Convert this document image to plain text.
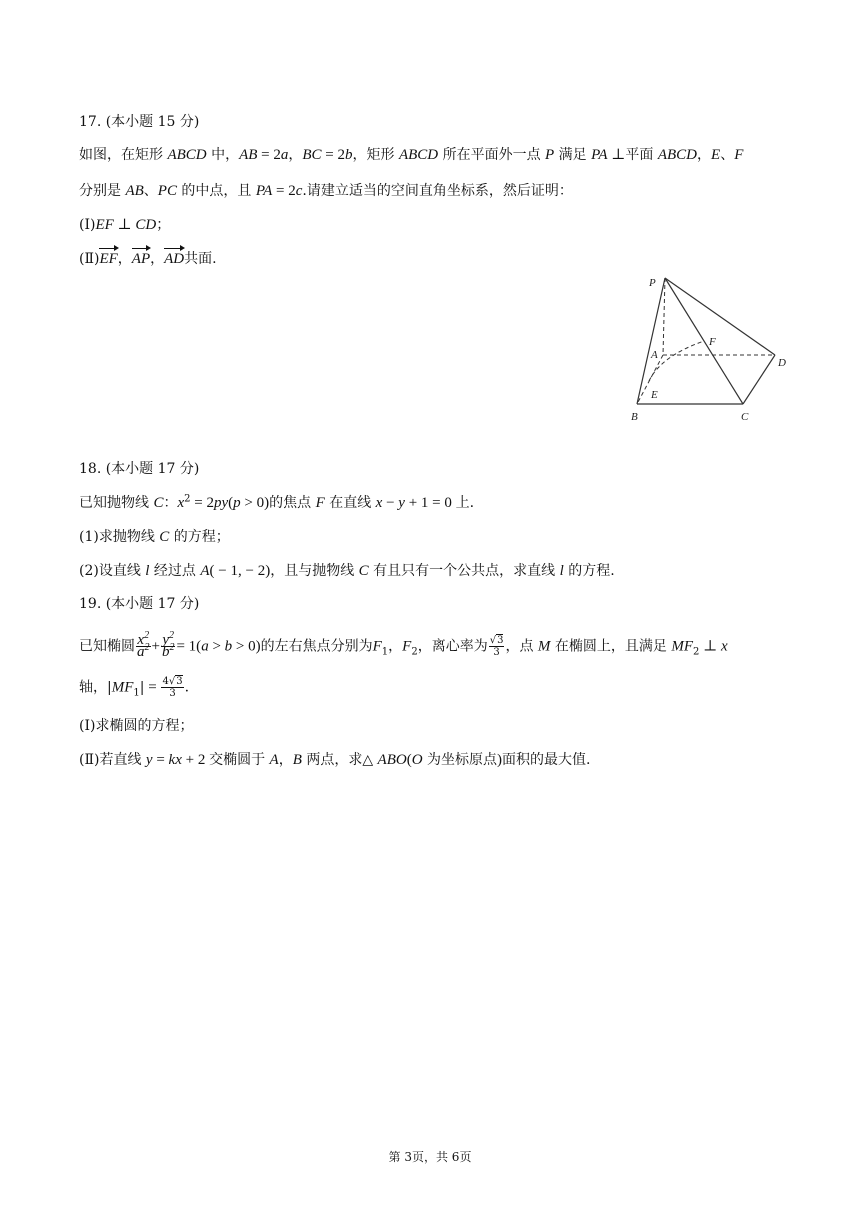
17. (本小题 15 分)
如图，在矩形 ABCD 中，AB = 2a，BC = 2b，矩形 ABCD 所在平面外一点 P 满足 PA ⊥平面 ABCD，E、F
分别是 AB、PC 的中点，且 PA = 2c.请建立适当的空间直角坐标系，然后证明：
(Ⅰ)EF ⊥ CD；
(Ⅱ)EF，AP，AD共面.
P
A
B	C
D
E
F
18. (本小题 17 分)
已知抛物线 C：$x^2 = 2py(p > 0)$的焦点 F 在直线 x − y + 1 = 0 上.
(1)求抛物线 C 的方程；
(2)设直线 l 经过点 A( − 1, − 2)，且与抛物线 C 有且只有一个公共点，求直线 l 的方程.
19. (本小题 17 分)
已知椭圆 $\frac{x^2}{a^2} + \frac{y^2}{b^2} = 1(a > b > 0)$的左右焦点分别为$F_1$，$F_2$，离心率为 $\frac{√3}{3}$ ，点 M 在椭圆上，且满足 $MF_2$ ⊥ x
轴，$|MF_1| = \frac{4√3}{3}$ .
(Ⅰ)求椭圆的方程；
(Ⅱ)若直线 y = kx + 2 交椭圆于 A，B 两点，求△ ABO(O 为坐标原点)面积的最大值.
第 3页，共 6页
